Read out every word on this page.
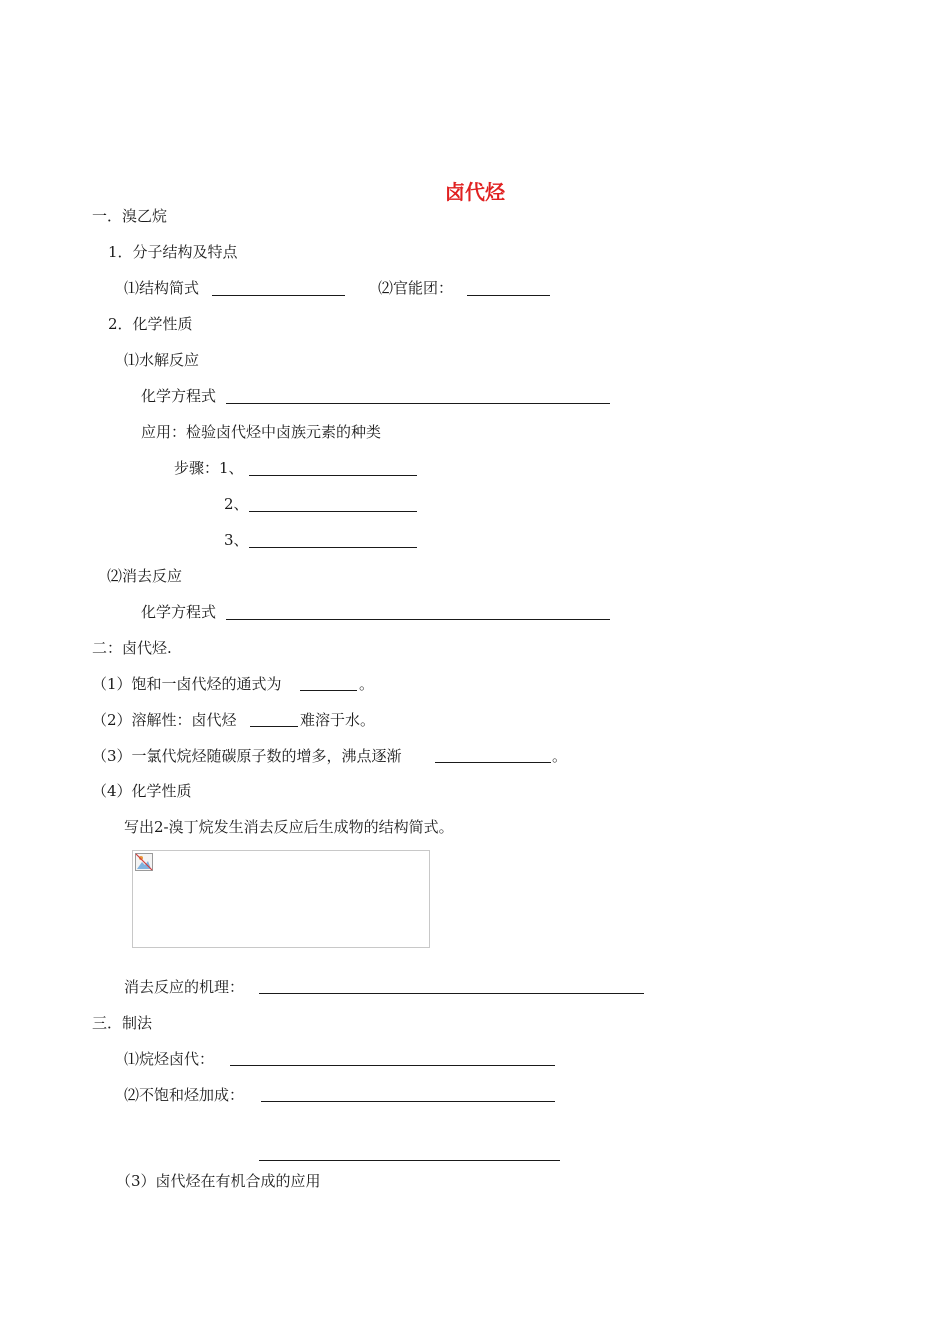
卤代烃
一．溴乙烷
1．分子结构及特点
⑴结构简式	⑵官能团：
2．化学性质
⑴水解反应
化学方程式
应用：检验卤代烃中卤族元素的种类
步骤：1、
2、
3、
⑵消去反应
化学方程式
二：卤代烃.
（1）饱和一卤代烃的通式为	。
（2）溶解性：卤代烃	难溶于水。
（3）一氯代烷烃随碳原子数的增多，沸点逐渐	。
（4）化学性质
写出2-溴丁烷发生消去反应后生成物的结构简式。
消去反应的机理：
三．制法
⑴烷烃卤代：
⑵不饱和烃加成：
（3）卤代烃在有机合成的应用
